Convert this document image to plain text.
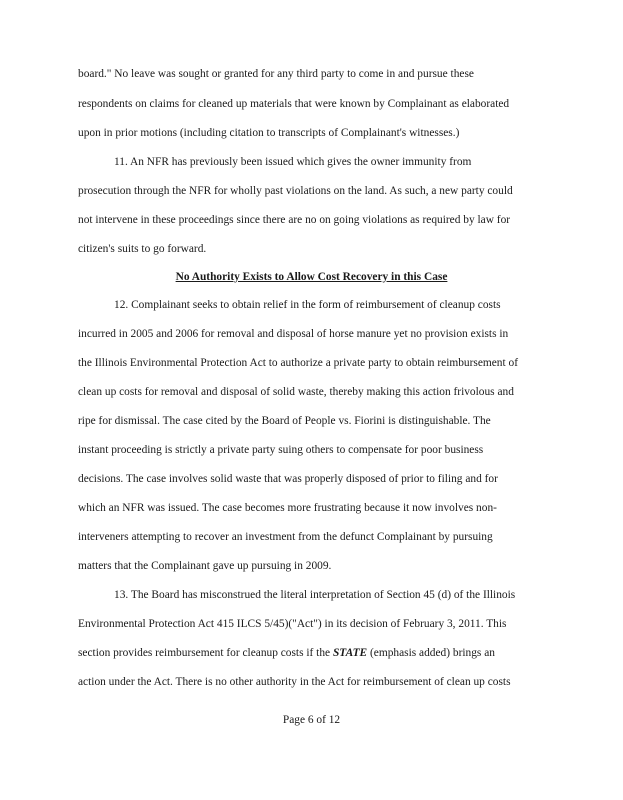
board." No leave was sought or granted for any third party to come in and pursue these
respondents on claims for cleaned up materials that were known by Complainant as elaborated
upon in prior motions (including citation to transcripts of Complainant's witnesses.)
11. An NFR has previously been issued which gives the owner immunity from
prosecution through the NFR for wholly past violations on the land. As such, a new party could
not intervene in these proceedings since there are no on going violations as required by law for
citizen's suits to go forward.
No Authority Exists to Allow Cost Recovery in this Case
12. Complainant seeks to obtain relief in the form of reimbursement of cleanup costs
incurred in 2005 and 2006 for removal and disposal of horse manure yet no provision exists in
the Illinois Environmental Protection Act to authorize a private party to obtain reimbursement of
clean up costs for removal and disposal of solid waste, thereby making this action frivolous and
ripe for dismissal. The case cited by the Board of People vs. Fiorini is distinguishable. The
instant proceeding is strictly a private party suing others to compensate for poor business
decisions. The case involves solid waste that was properly disposed of prior to filing and for
which an NFR was issued. The case becomes more frustrating because it now involves non-
interveners attempting to recover an investment from the defunct Complainant by pursuing
matters that the Complainant gave up pursuing in 2009.
13. The Board has misconstrued the literal interpretation of Section 45 (d) of the Illinois
Environmental Protection Act 415 ILCS 5/45)("Act") in its decision of February 3, 2011. This
section provides reimbursement for cleanup costs if the STATE (emphasis added) brings an
action under the Act. There is no other authority in the Act for reimbursement of clean up costs
Page 6 of 12
